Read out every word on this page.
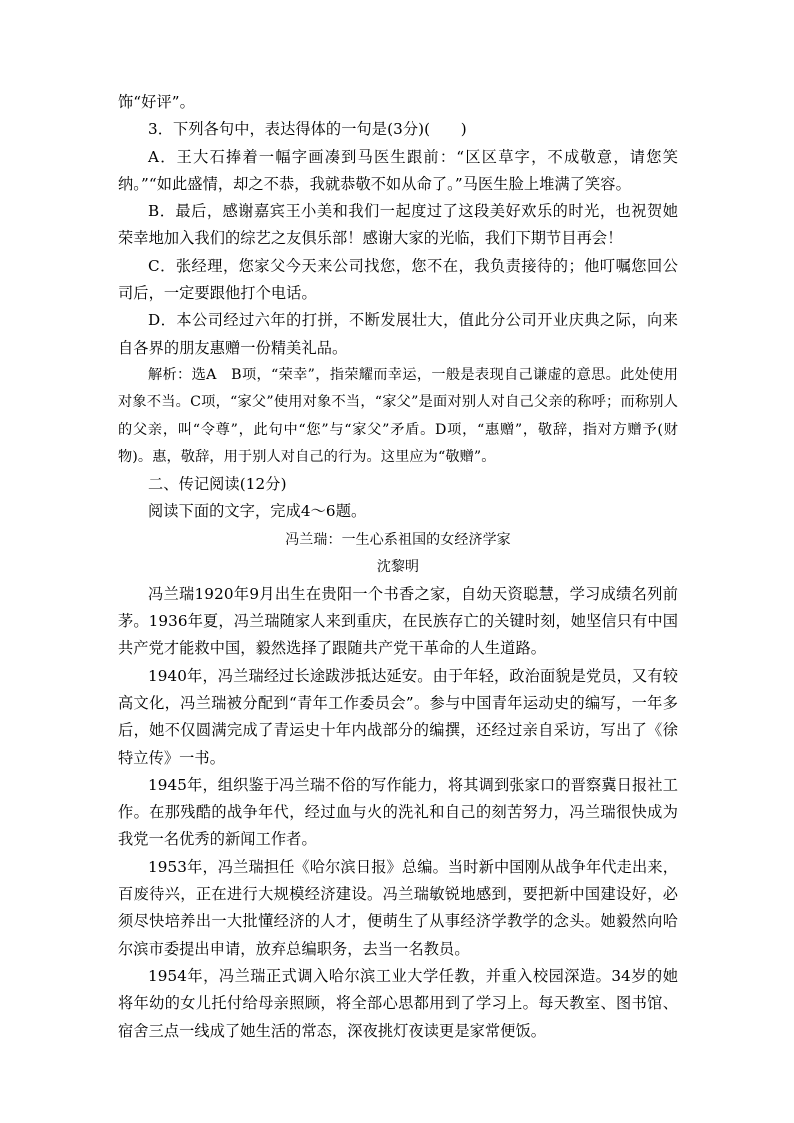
饰“好评”。

3．下列各句中，表达得体的一句是(3分)(　　)

A．王大石捧着一幅字画凑到马医生跟前：“区区草字，不成敬意，请您笑纳。”“如此盛情，却之不恭，我就恭敬不如从命了。”马医生脸上堆满了笑容。

B．最后，感谢嘉宾王小美和我们一起度过了这段美好欢乐的时光，也祝贺她荣幸地加入我们的综艺之友俱乐部！感谢大家的光临，我们下期节目再会！

C．张经理，您家父今天来公司找您，您不在，我负责接待的；他叮嘱您回公司后，一定要跟他打个电话。

D．本公司经过六年的打拼，不断发展壮大，值此分公司开业庆典之际，向来自各界的朋友惠赠一份精美礼品。

解析：选A　B项，“荣幸”，指荣耀而幸运，一般是表现自己谦虚的意思。此处使用对象不当。C项，“家父”使用对象不当，“家父”是面对别人对自己父亲的称呼；而称别人的父亲，叫“令尊”，此句中“您”与“家父”矛盾。D项，“惠赠”，敬辞，指对方赠予(财物)。惠，敬辞，用于别人对自己的行为。这里应为“敬赠”。

二、传记阅读(12分)

阅读下面的文字，完成4～6题。

冯兰瑞：一生心系祖国的女经济学家

沈黎明

冯兰瑞1920年9月出生在贵阳一个书香之家，自幼天资聪慧，学习成绩名列前茅。1936年夏，冯兰瑞随家人来到重庆，在民族存亡的关键时刻，她坚信只有中国共产党才能救中国，毅然选择了跟随共产党干革命的人生道路。

1940年，冯兰瑞经过长途跋涉抵达延安。由于年轻，政治面貌是党员，又有较高文化，冯兰瑞被分配到“青年工作委员会”。参与中国青年运动史的编写，一年多后，她不仅圆满完成了青运史十年内战部分的编撰，还经过亲自采访，写出了《徐特立传》一书。

1945年，组织鉴于冯兰瑞不俗的写作能力，将其调到张家口的晋察冀日报社工作。在那残酷的战争年代，经过血与火的洗礼和自己的刻苦努力，冯兰瑞很快成为我党一名优秀的新闻工作者。

1953年，冯兰瑞担任《哈尔滨日报》总编。当时新中国刚从战争年代走出来，百废待兴，正在进行大规模经济建设。冯兰瑞敏锐地感到，要把新中国建设好，必须尽快培养出一大批懂经济的人才，便萌生了从事经济学教学的念头。她毅然向哈尔滨市委提出申请，放弃总编职务，去当一名教员。

1954年，冯兰瑞正式调入哈尔滨工业大学任教，并重入校园深造。34岁的她将年幼的女儿托付给母亲照顾，将全部心思都用到了学习上。每天教室、图书馆、宿舍三点一线成了她生活的常态，深夜挑灯夜读更是家常便饭。
